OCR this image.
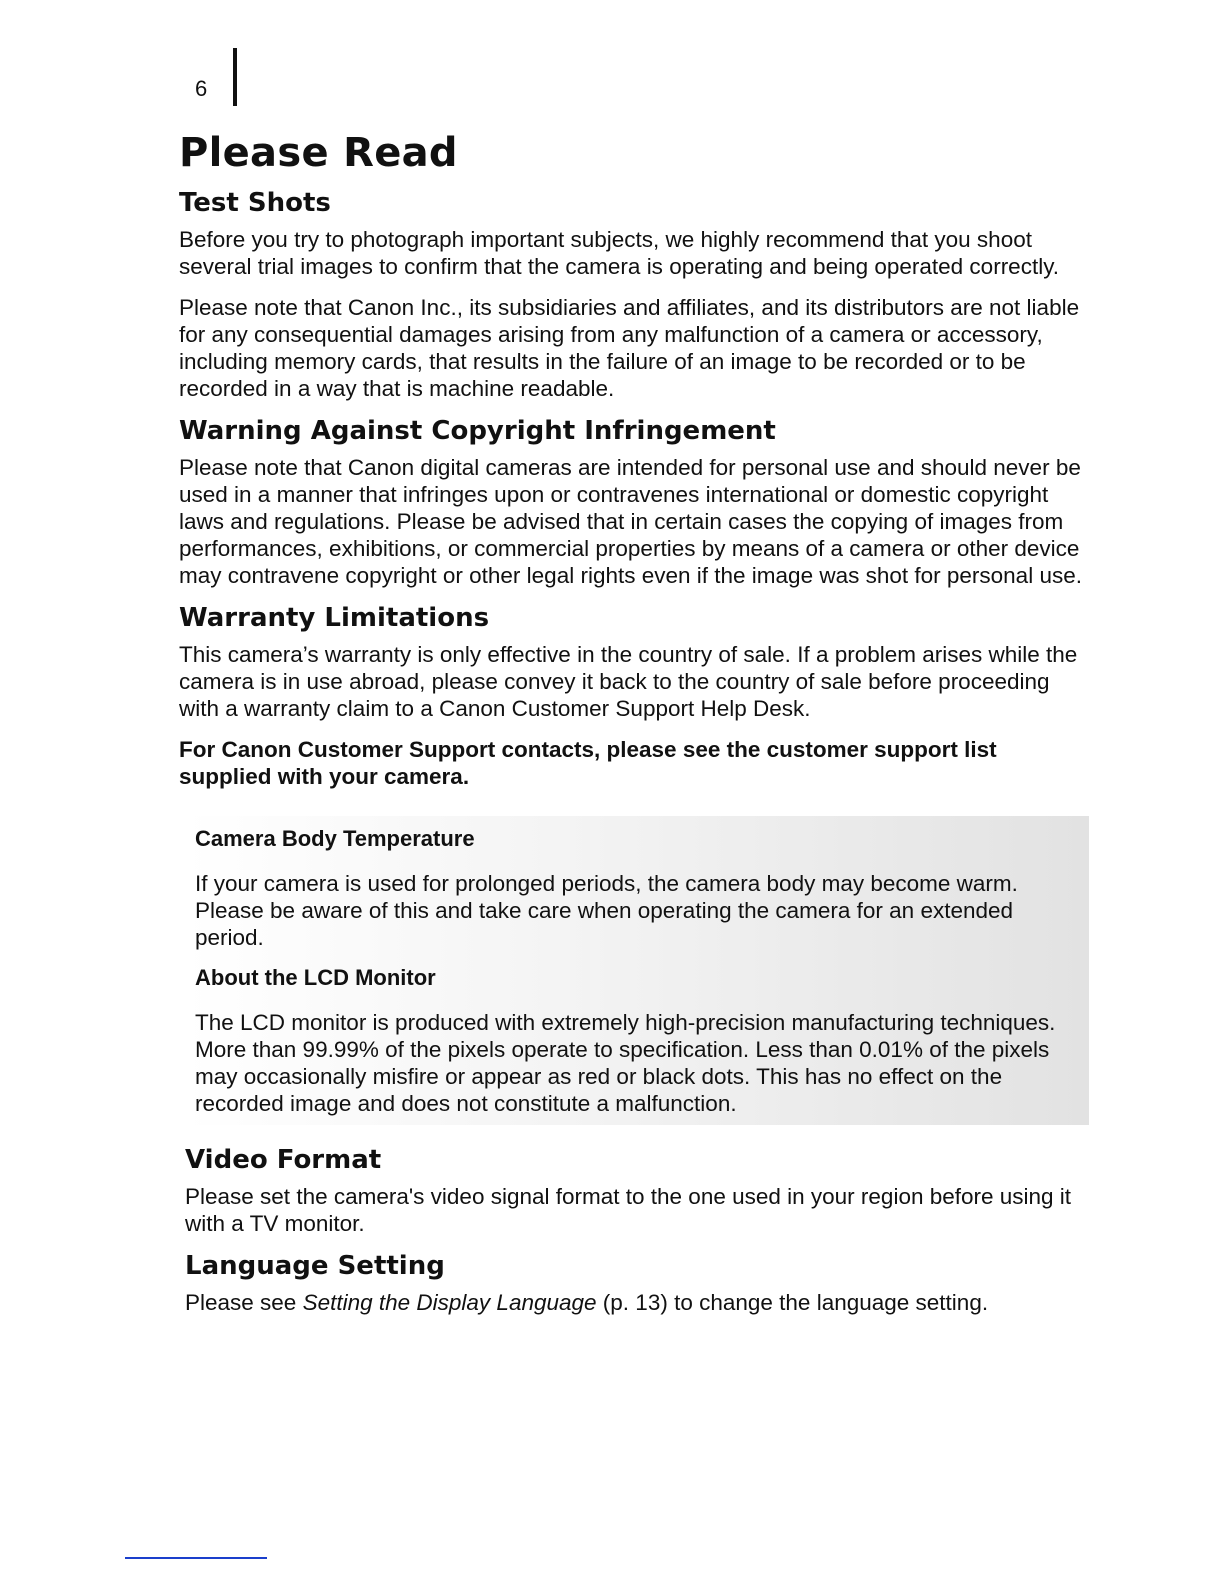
6
Please Read
Test Shots

Before you try to photograph important subjects, we highly recommend that you shoot several trial images to confirm that the camera is operating and being operated correctly.

Please note that Canon Inc., its subsidiaries and affiliates, and its distributors are not liable for any consequential damages arising from any malfunction of a camera or accessory, including memory cards, that results in the failure of an image to be recorded or to be recorded in a way that is machine readable.

Warning Against Copyright Infringement

Please note that Canon digital cameras are intended for personal use and should never be used in a manner that infringes upon or contravenes international or domestic copyright laws and regulations. Please be advised that in certain cases the copying of images from performances, exhibitions, or commercial properties by means of a camera or other device may contravene copyright or other legal rights even if the image was shot for personal use.

Warranty Limitations

This camera’s warranty is only effective in the country of sale. If a problem arises while the camera is in use abroad, please convey it back to the country of sale before proceeding with a warranty claim to a Canon Customer Support Help Desk.

For Canon Customer Support contacts, please see the customer support list supplied with your camera.

Camera Body Temperature

If your camera is used for prolonged periods, the camera body may become warm. Please be aware of this and take care when operating the camera for an extended period.

About the LCD Monitor

The LCD monitor is produced with extremely high-precision manufacturing techniques. More than 99.99% of the pixels operate to specification. Less than 0.01% of the pixels may occasionally misfire or appear as red or black dots. This has no effect on the recorded image and does not constitute a malfunction.

Video Format

Please set the camera's video signal format to the one used in your region before using it with a TV monitor.

Language Setting

Please see Setting the Display Language (p. 13) to change the language setting.
